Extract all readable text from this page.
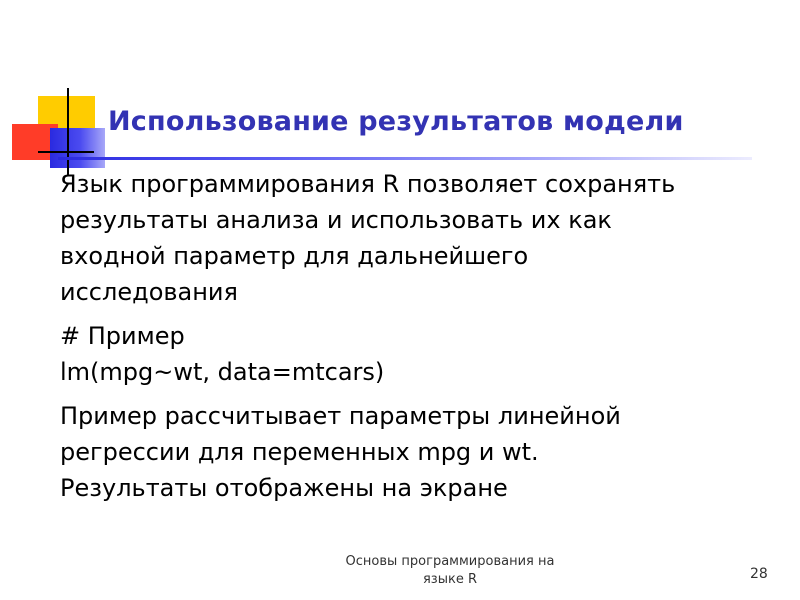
Использование результатов модели

Язык программирования R позволяет сохранять
результаты анализа и использовать их как
входной параметр для дальнейшего
исследования

# Пример
lm(mpg~wt, data=mtcars)

Пример рассчитывает параметры линейной
регрессии для переменных mpg и wt.
Результаты отображены на экране

Основы программирования на
языке R	28
